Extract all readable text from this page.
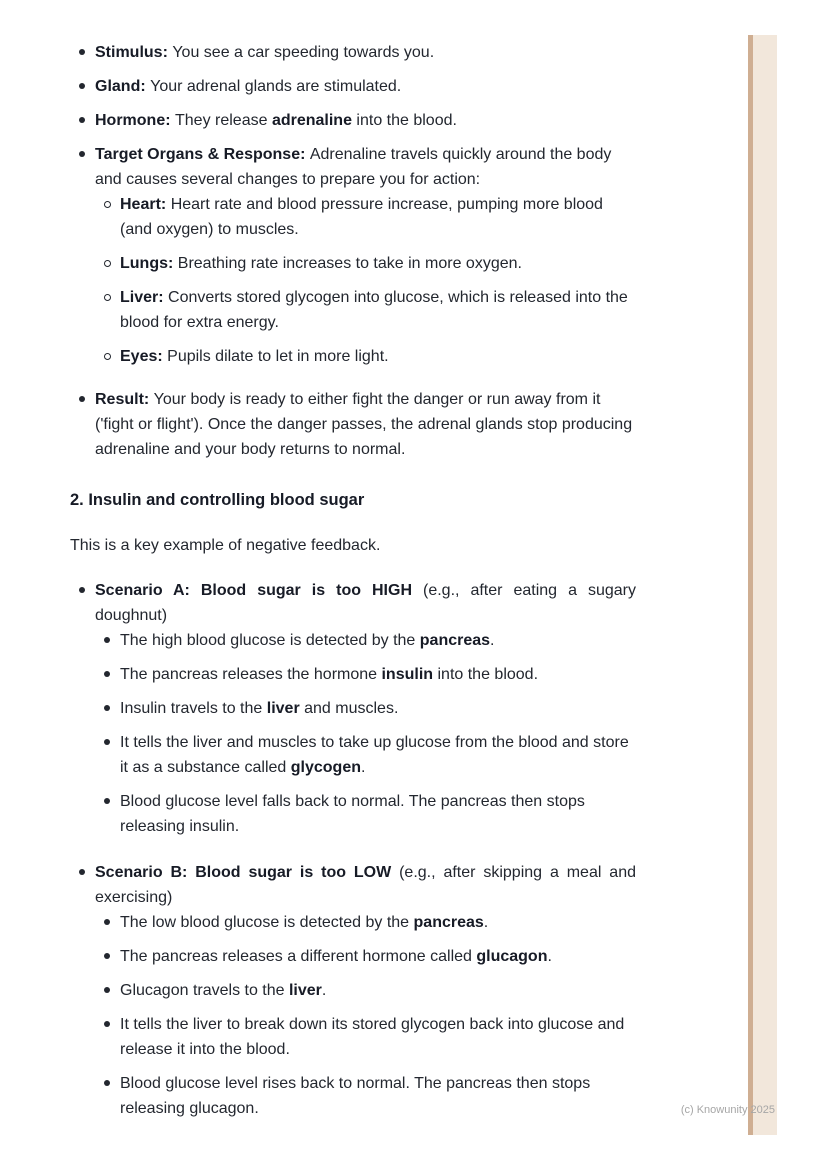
Stimulus: You see a car speeding towards you.
Gland: Your adrenal glands are stimulated.
Hormone: They release adrenaline into the blood.
Target Organs & Response: Adrenaline travels quickly around the body and causes several changes to prepare you for action:
Heart: Heart rate and blood pressure increase, pumping more blood (and oxygen) to muscles.
Lungs: Breathing rate increases to take in more oxygen.
Liver: Converts stored glycogen into glucose, which is released into the blood for extra energy.
Eyes: Pupils dilate to let in more light.
Result: Your body is ready to either fight the danger or run away from it ('fight or flight'). Once the danger passes, the adrenal glands stop producing adrenaline and your body returns to normal.
2. Insulin and controlling blood sugar
This is a key example of negative feedback.
Scenario A: Blood sugar is too HIGH (e.g., after eating a sugary doughnut)
The high blood glucose is detected by the pancreas.
The pancreas releases the hormone insulin into the blood.
Insulin travels to the liver and muscles.
It tells the liver and muscles to take up glucose from the blood and store it as a substance called glycogen.
Blood glucose level falls back to normal. The pancreas then stops releasing insulin.
Scenario B: Blood sugar is too LOW (e.g., after skipping a meal and exercising)
The low blood glucose is detected by the pancreas.
The pancreas releases a different hormone called glucagon.
Glucagon travels to the liver.
It tells the liver to break down its stored glycogen back into glucose and release it into the blood.
Blood glucose level rises back to normal. The pancreas then stops releasing glucagon.	(c) Knowunity 2025
